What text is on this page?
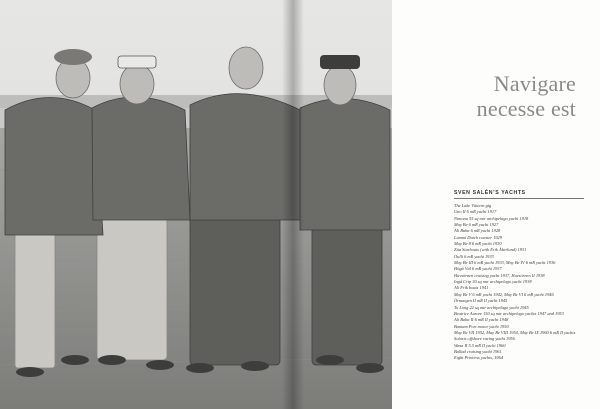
Navigare
necesse est
SVEN SALÉN’S YACHTS
The Lake Vättern gig
Uno II 6 mR yacht 1917
Nimona 55 sq mtr archipelago yacht 1918
May Be 6 mR yacht 1927
Ali Baba 6 mR yacht 1928
Lummi Dutch coaster 1929
May Be 8 6 mR yacht 1930
Zita Starboats (with Erik Åkerlund) 1931
Oulli 6 mR yacht 1933
May Be III 6 mR yacht 1933, May Be IV 6 mR yacht 1936
Högå Väl 6 mR yacht 1937
Havsörnen cruising yacht 1937, Havsörnen II 1938
Ingå Crip 30 sq mtr archipelago yacht 1938
Ali Frik boats 1941
May Be V 6 mR yacht 1942, May Be VI 6 mR yacht 1946
Örnungen II mR II yacht 1945
To Long 22 sq mtr archipelago yacht 1945
Beatrice Aurore 150 sq mtr archipelago yachts 1947 and 1953
Ali Baba II 6 mR II yacht 1948
Bantam Port motor yacht 1950
May Be VII 1952, May Be VIII 1954, May Be IX 1960 6 mR II yachts
Solaris offshore racing yacht 1956
Wasa II 5.5 mR II yacht 1960
Ballad cruising yacht 1961
Eight Princess yachts, 1964
